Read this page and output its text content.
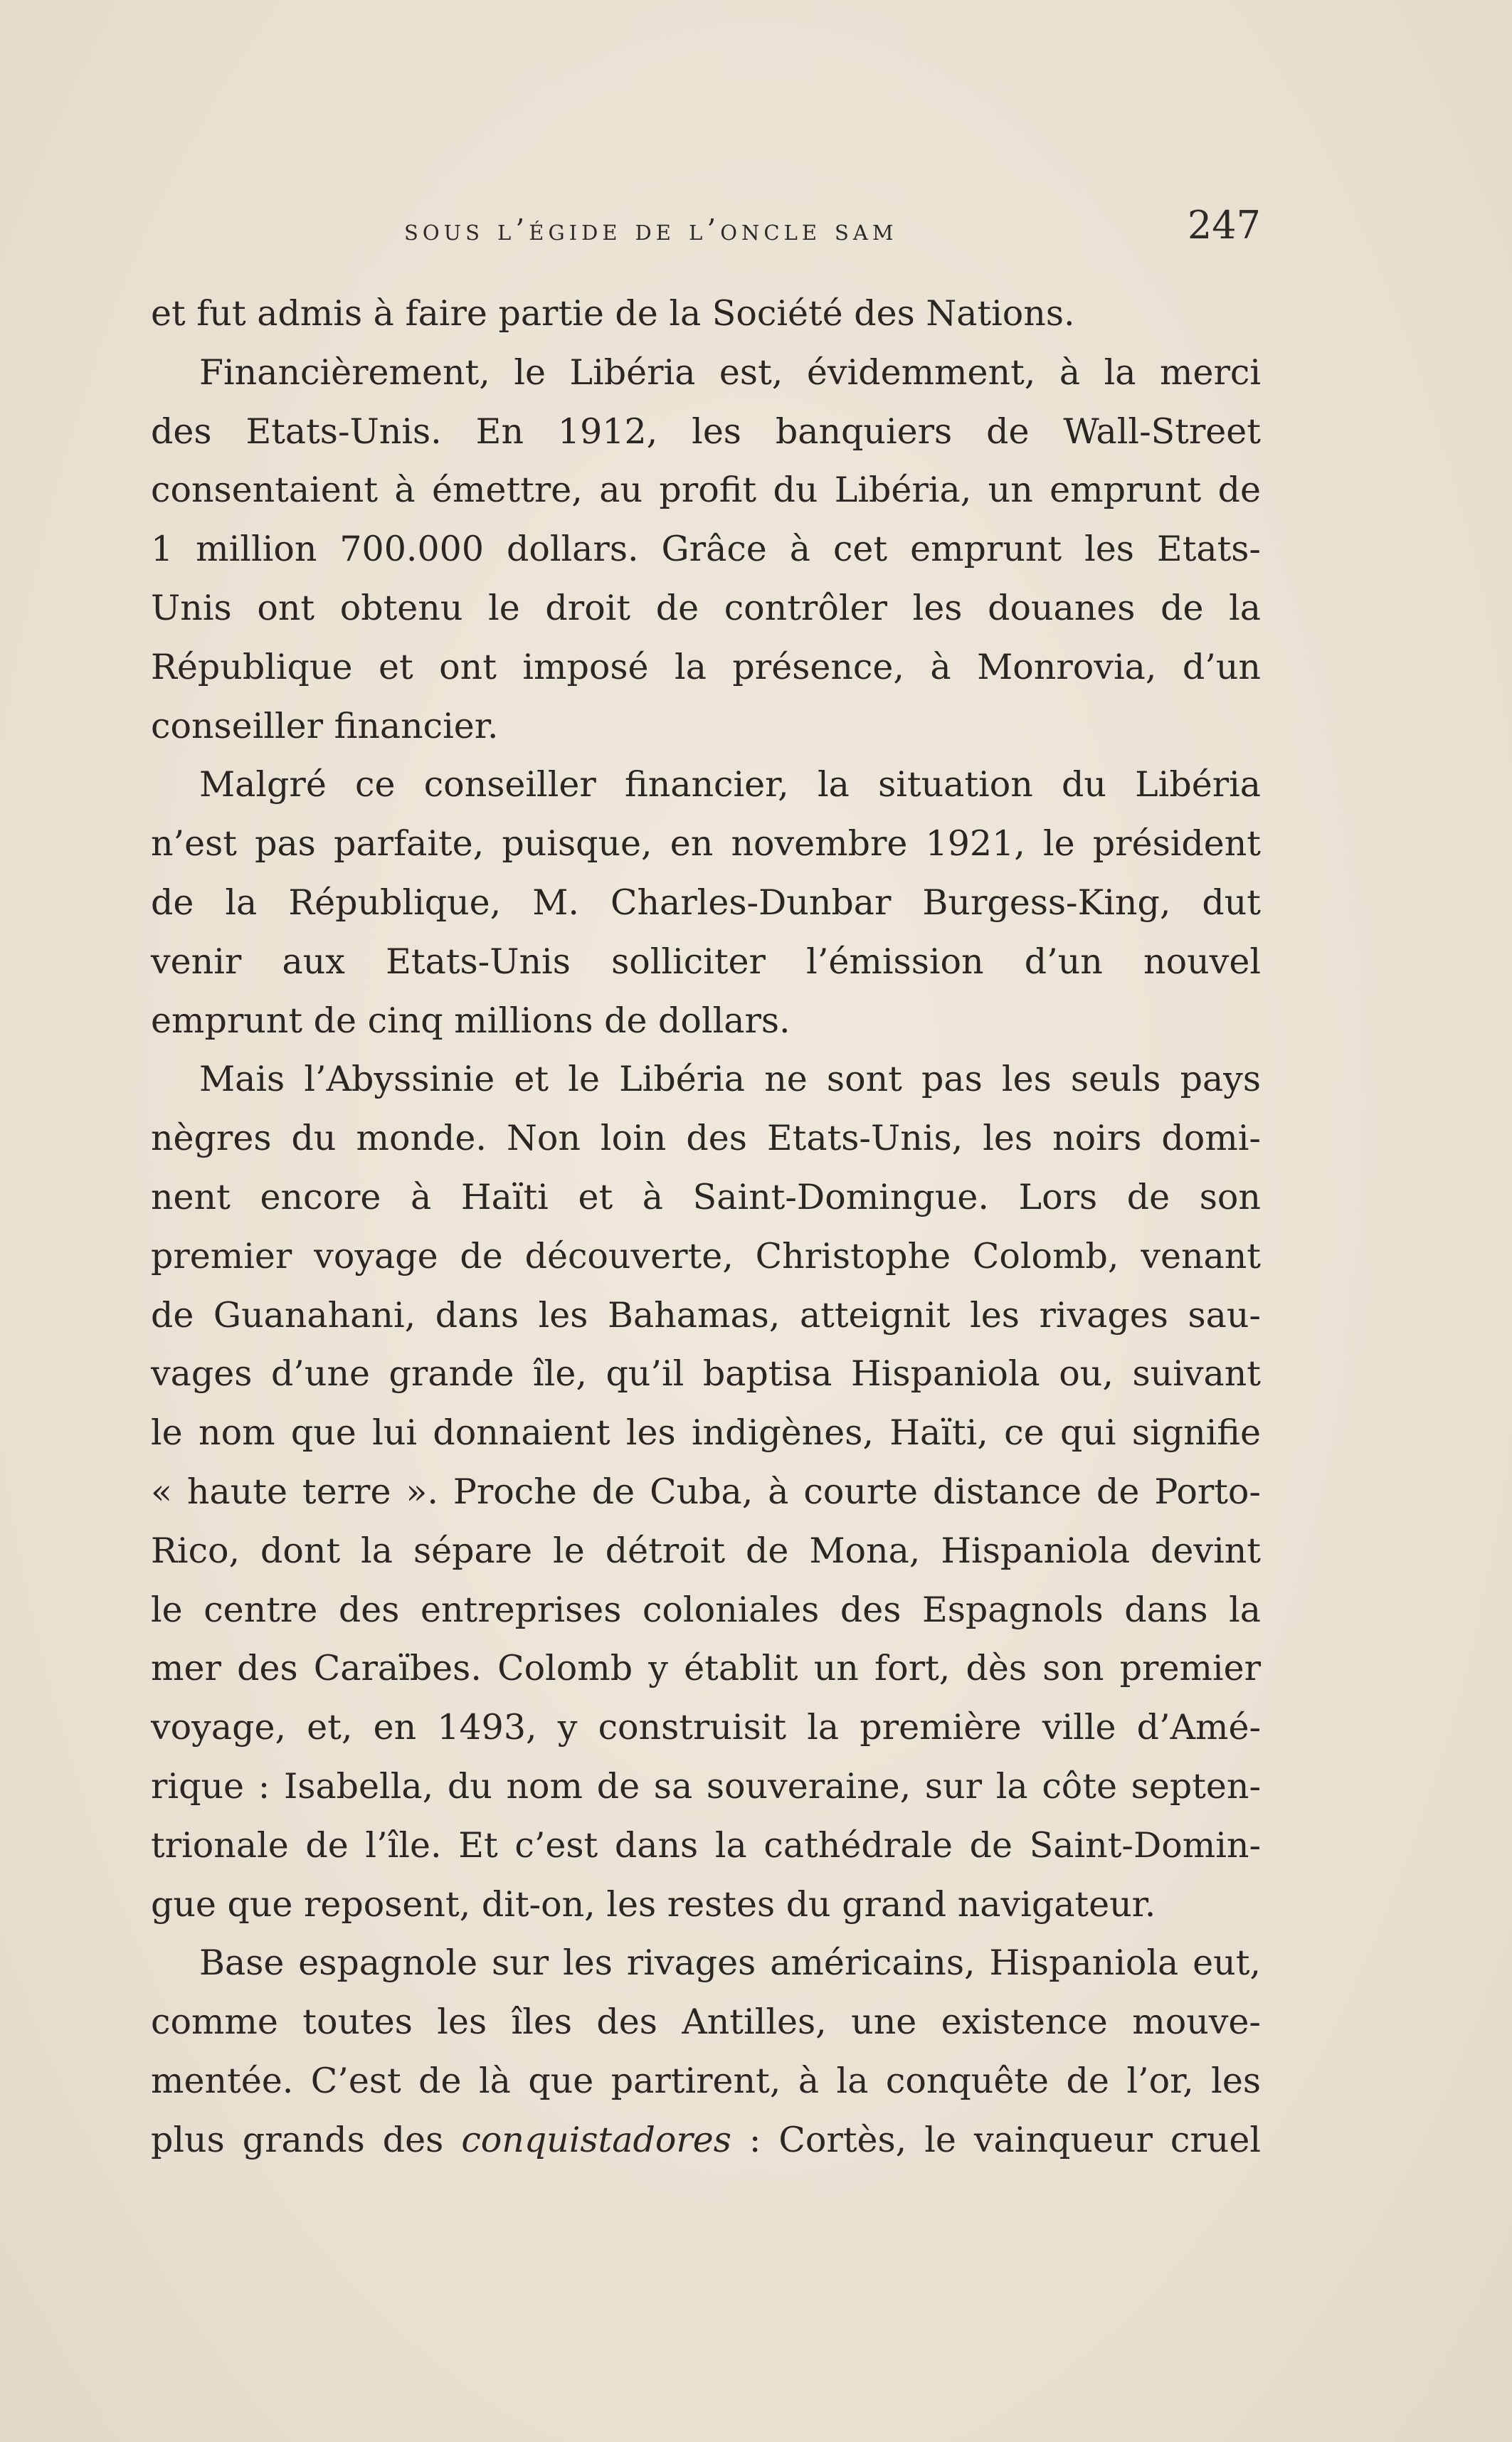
sous l’égide de l’oncle sam	247
et fut admis à faire partie de la Société des Nations.
Financièrement, le Libéria est, évidemment, à la merci
des Etats-Unis. En 1912, les banquiers de Wall-Street
consentaient à émettre, au profit du Libéria, un emprunt de
1 million 700.000 dollars. Grâce à cet emprunt les Etats-
Unis ont obtenu le droit de contrôler les douanes de la
République et ont imposé la présence, à Monrovia, d’un
conseiller financier.
Malgré ce conseiller financier, la situation du Libéria
n’est pas parfaite, puisque, en novembre 1921, le président
de la République, M. Charles-Dunbar Burgess-King, dut
venir aux Etats-Unis solliciter l’émission d’un nouvel
emprunt de cinq millions de dollars.
Mais l’Abyssinie et le Libéria ne sont pas les seuls pays
nègres du monde. Non loin des Etats-Unis, les noirs domi-
nent encore à Haïti et à Saint-Domingue. Lors de son
premier voyage de découverte, Christophe Colomb, venant
de Guanahani, dans les Bahamas, atteignit les rivages sau-
vages d’une grande île, qu’il baptisa Hispaniola ou, suivant
le nom que lui donnaient les indigènes, Haïti, ce qui signifie
« haute terre ». Proche de Cuba, à courte distance de Porto-
Rico, dont la sépare le détroit de Mona, Hispaniola devint
le centre des entreprises coloniales des Espagnols dans la
mer des Caraïbes. Colomb y établit un fort, dès son premier
voyage, et, en 1493, y construisit la première ville d’Amé-
rique : Isabella, du nom de sa souveraine, sur la côte septen-
trionale de l’île. Et c’est dans la cathédrale de Saint-Domin-
gue que reposent, dit-on, les restes du grand navigateur.
Base espagnole sur les rivages américains, Hispaniola eut,
comme toutes les îles des Antilles, une existence mouve-
mentée. C’est de là que partirent, à la conquête de l’or, les
plus grands des conquistadores : Cortès, le vainqueur cruel
